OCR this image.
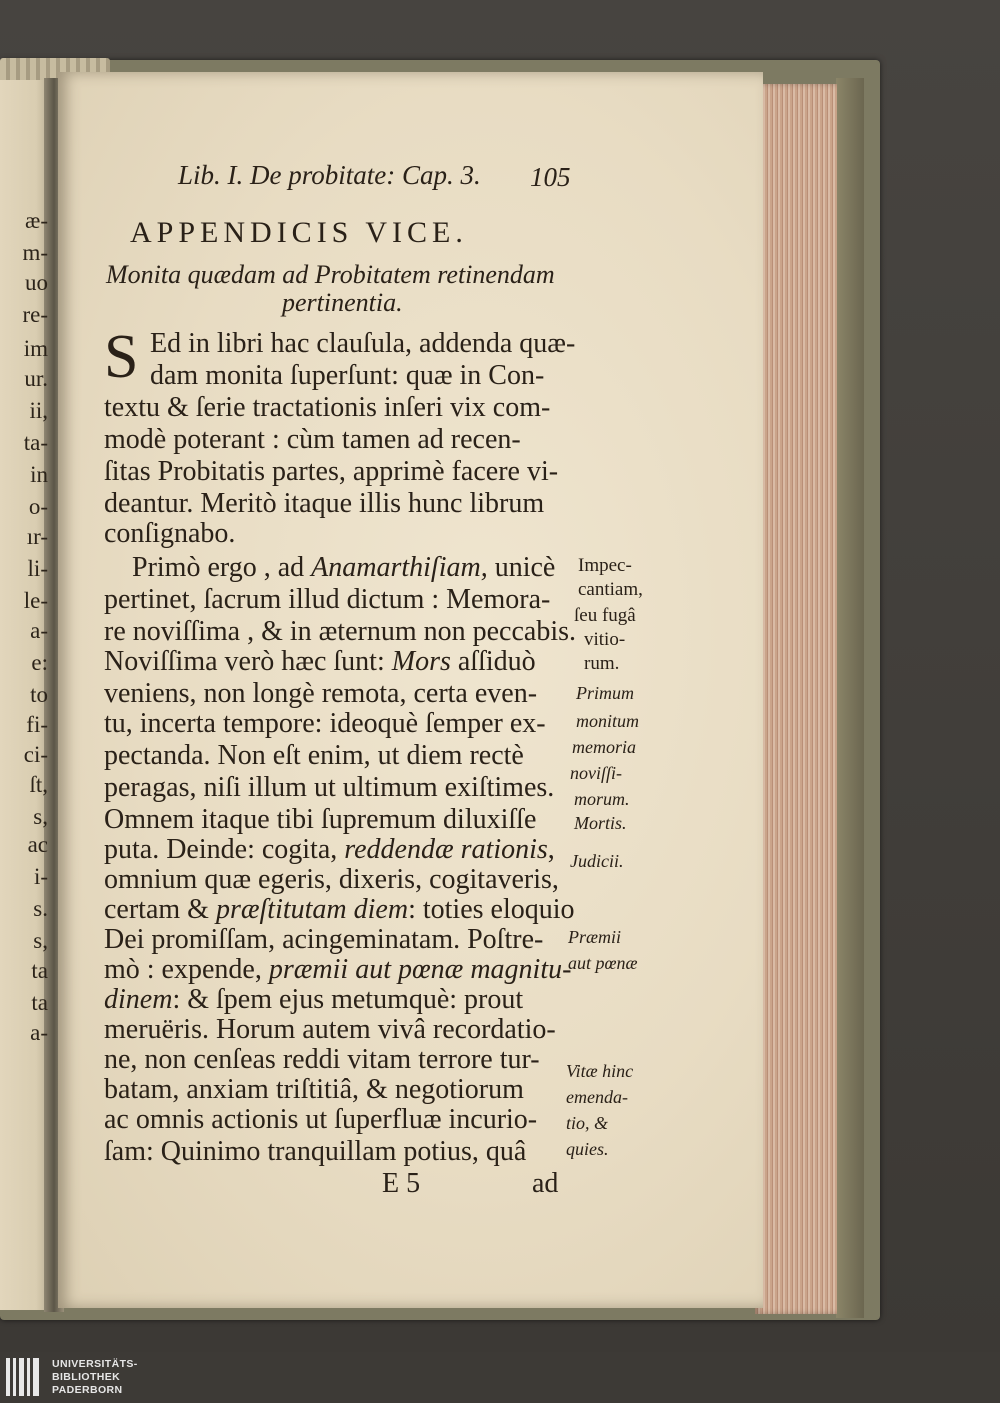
æ-
m-
uo
re-
im
ur.
ii,
ta-
in
o-
ır-
li-
le-
a-
e:
to
fi-
ci-
ſt,
s,
ac
i-
s.
s,
ta
ta
a-
Lib. I. De probitate: Cap. 3. 105
APPENDICIS VICE.
Monita quædam ad Probitatem retinendam
pertinentia.
S Ed in libri hac clauſula, addenda quæ-
dam monita ſuperſunt: quæ in Con-
textu & ſerie tractationis inſeri vix com-
modè poterant : cùm tamen ad recen-
ſitas Probitatis partes, apprimè facere vi-
deantur. Meritò itaque illis hunc librum
conſignabo.
Primò ergo , ad Anamarthiſiam, unicè
pertinet, ſacrum illud dictum : Memora-
re noviſſima , & in æternum non peccabis.
Noviſſima verò hæc ſunt: Mors aſſiduò
veniens, non longè remota, certa even-
tu, incerta tempore: ideoquè ſemper ex-
pectanda. Non eſt enim, ut diem rectè
peragas, niſi illum ut ultimum exiſtimes.
Omnem itaque tibi ſupremum diluxiſſe
puta. Deinde: cogita, reddendæ rationis,
omnium quæ egeris, dixeris, cogitaveris,
certam & præſtitutam diem: toties eloquio
Dei promiſſam, acingeminatam. Poſtre-
mò : expende, præmii aut pœnæ magnitu-
dinem: & ſpem ejus metumquè: prout
meruëris. Horum autem vivâ recordatio-
ne, non cenſeas reddi vitam terrore tur-
batam, anxiam triſtitiâ, & negotiorum
ac omnis actionis ut ſuperfluæ incurio-
ſam: Quinimo tranquillam potius, quâ
E 5	ad
Impec-
cantiam,
ſeu fugâ
vitio-
rum.
Primum
monitum
memoria
noviſſi-
morum.
Mortis.
Judicii.
Præmii
aut pœnæ
Vitæ hinc
emenda-
tio, &
quies.
UNIVERSITÄTS-
BIBLIOTHEK
PADERBORN
